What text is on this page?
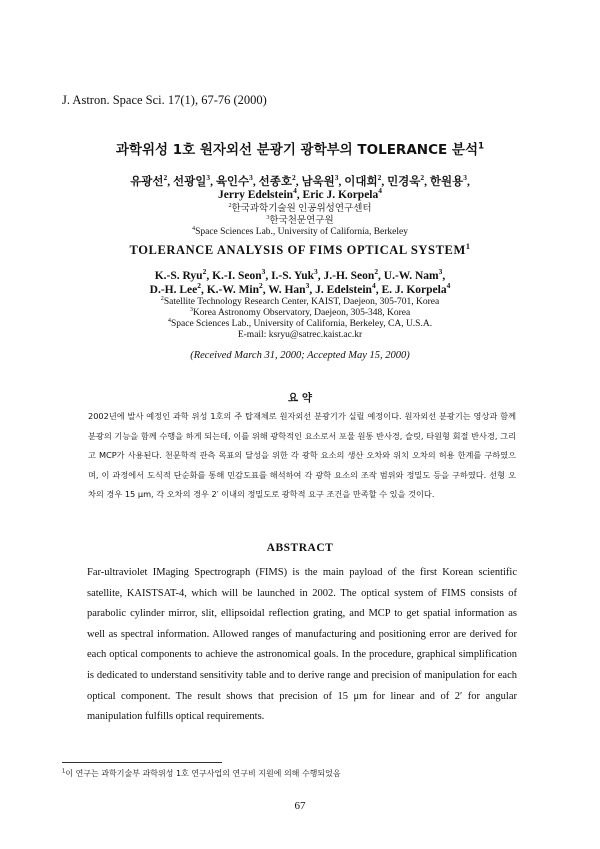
J. Astron. Space Sci. 17(1), 67-76 (2000)
과학위성 1호 원자외선 분광기 광학부의 TOLERANCE 분석$^1$
유광선$^2$, 선광일$^3$, 육인수$^3$, 선종호$^2$, 남욱원$^3$, 이대희$^2$, 민경욱$^2$, 한원용$^3$,
Jerry Edelstein$^4$, Eric J. Korpela$^4$
$^2$한국과학기술원 인공위성연구센터
$^3$한국천문연구원
$^4$Space Sciences Lab., University of California, Berkeley
TOLERANCE ANALYSIS OF FIMS OPTICAL SYSTEM$^1$
K.-S. Ryu$^2$, K.-I. Seon$^3$, I.-S. Yuk$^3$, J.-H. Seon$^2$, U.-W. Nam$^3$,
D.-H. Lee$^2$, K.-W. Min$^2$, W. Han$^3$, J. Edelstein$^4$, E. J. Korpela$^4$
$^2$Satellite Technology Research Center, KAIST, Daejeon, 305-701, Korea
$^3$Korea Astronomy Observatory, Daejeon, 305-348, Korea
$^4$Space Sciences Lab., University of California, Berkeley, CA, U.S.A.
E-mail: ksryu@satrec.kaist.ac.kr
(Received March 31, 2000; Accepted May 15, 2000)
요 약
2002년에 발사 예정인 과학 위성 1호의 주 탑재체로 원자외선 분광기가 실릴 예정이다. 원자외선 분광기는 영상과 함께 분광의 기능을 함께 수행을 하게 되는데, 이를 위해 광학적인 요소로서 포물 원통 반사경, 슬릿, 타원형 회절 반사경, 그리고 MCP가 사용된다. 천문학적 관측 목표의 달성을 위한 각 광학 요소의 생산 오차와 위치 오차의 허용 한계를 구하였으며, 이 과정에서 도식적 단순화를 통해 민감도표를 해석하여 각 광학 요소의 조작 범위와 정밀도 등을 구하였다. 선형 오차의 경우 15 μm, 각 오차의 경우 2′ 이내의 정밀도로 광학적 요구 조건을 만족할 수 있을 것이다.
ABSTRACT
Far-ultraviolet IMaging Spectrograph (FIMS) is the main payload of the first Korean scientific satellite, KAISTSAT-4, which will be launched in 2002. The optical system of FIMS consists of parabolic cylinder mirror, slit, ellipsoidal reflection grating, and MCP to get spatial information as well as spectral information. Allowed ranges of manufacturing and positioning error are derived for each optical components to achieve the astronomical goals. In the procedure, graphical simplification is dedicated to understand sensitivity table and to derive range and precision of manipulation for each optical component. The result shows that precision of 15 μm for linear and of 2′ for angular manipulation fulfills optical requirements.
$^1$이 연구는 과학기술부 과학위성 1호 연구사업의 연구비 지원에 의해 수행되었음
67
